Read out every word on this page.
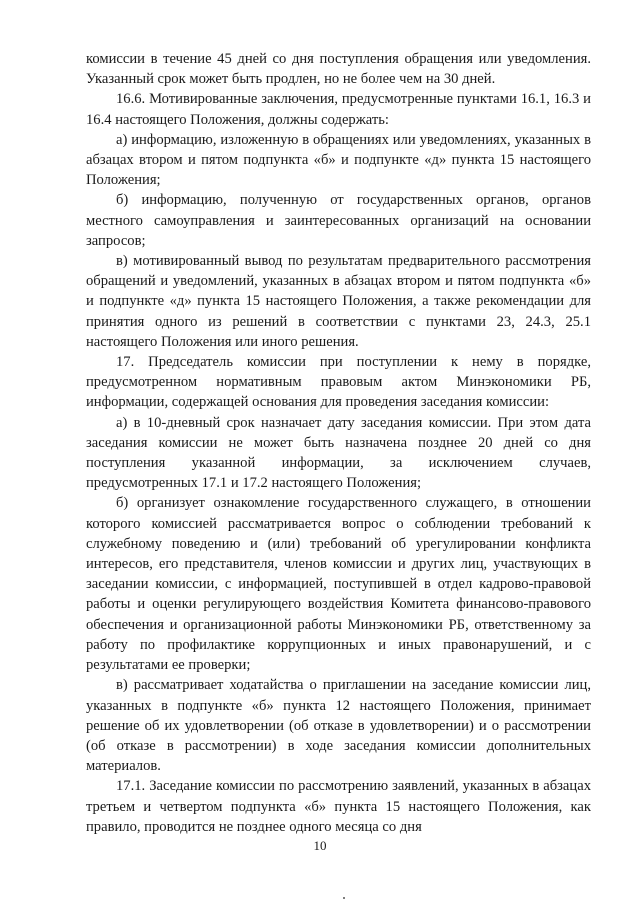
комиссии в течение 45 дней со дня поступления обращения или уведомления. Указанный срок может быть продлен, но не более чем на 30 дней.

16.6. Мотивированные заключения, предусмотренные пунктами 16.1, 16.3 и 16.4 настоящего Положения, должны содержать:

а) информацию, изложенную в обращениях или уведомлениях, указанных в абзацах втором и пятом подпункта «б» и подпункте «д» пункта 15 настоящего Положения;

б) информацию, полученную от государственных органов, органов местного самоуправления и заинтересованных организаций на основании запросов;

в) мотивированный вывод по результатам предварительного рассмотрения обращений и уведомлений, указанных в абзацах втором и пятом подпункта «б» и подпункте «д» пункта 15 настоящего Положения, а также рекомендации для принятия одного из решений в соответствии с пунктами 23, 24.3, 25.1 настоящего Положения или иного решения.

17. Председатель комиссии при поступлении к нему в порядке, предусмотренном нормативным правовым актом Минэкономики РБ, информации, содержащей основания для проведения заседания комиссии:

а) в 10-дневный срок назначает дату заседания комиссии. При этом дата заседания комиссии не может быть назначена позднее 20 дней со дня поступления указанной информации, за исключением случаев, предусмотренных 17.1 и 17.2 настоящего Положения;

б) организует ознакомление государственного служащего, в отношении которого комиссией рассматривается вопрос о соблюдении требований к служебному поведению и (или) требований об урегулировании конфликта интересов, его представителя, членов комиссии и других лиц, участвующих в заседании комиссии, с информацией, поступившей в отдел кадрово-правовой работы и оценки регулирующего воздействия Комитета финансово-правового обеспечения и организационной работы Минэкономики РБ, ответственному за работу по профилактике коррупционных и иных правонарушений, и с результатами ее проверки;

в) рассматривает ходатайства о приглашении на заседание комиссии лиц, указанных в подпункте «б» пункта 12 настоящего Положения, принимает решение об их удовлетворении (об отказе в удовлетворении) и о рассмотрении (об отказе в рассмотрении) в ходе заседания комиссии дополнительных материалов.

17.1. Заседание комиссии по рассмотрению заявлений, указанных в абзацах третьем и четвертом подпункта «б» пункта 15 настоящего Положения, как правило, проводится не позднее одного месяца со дня

10
